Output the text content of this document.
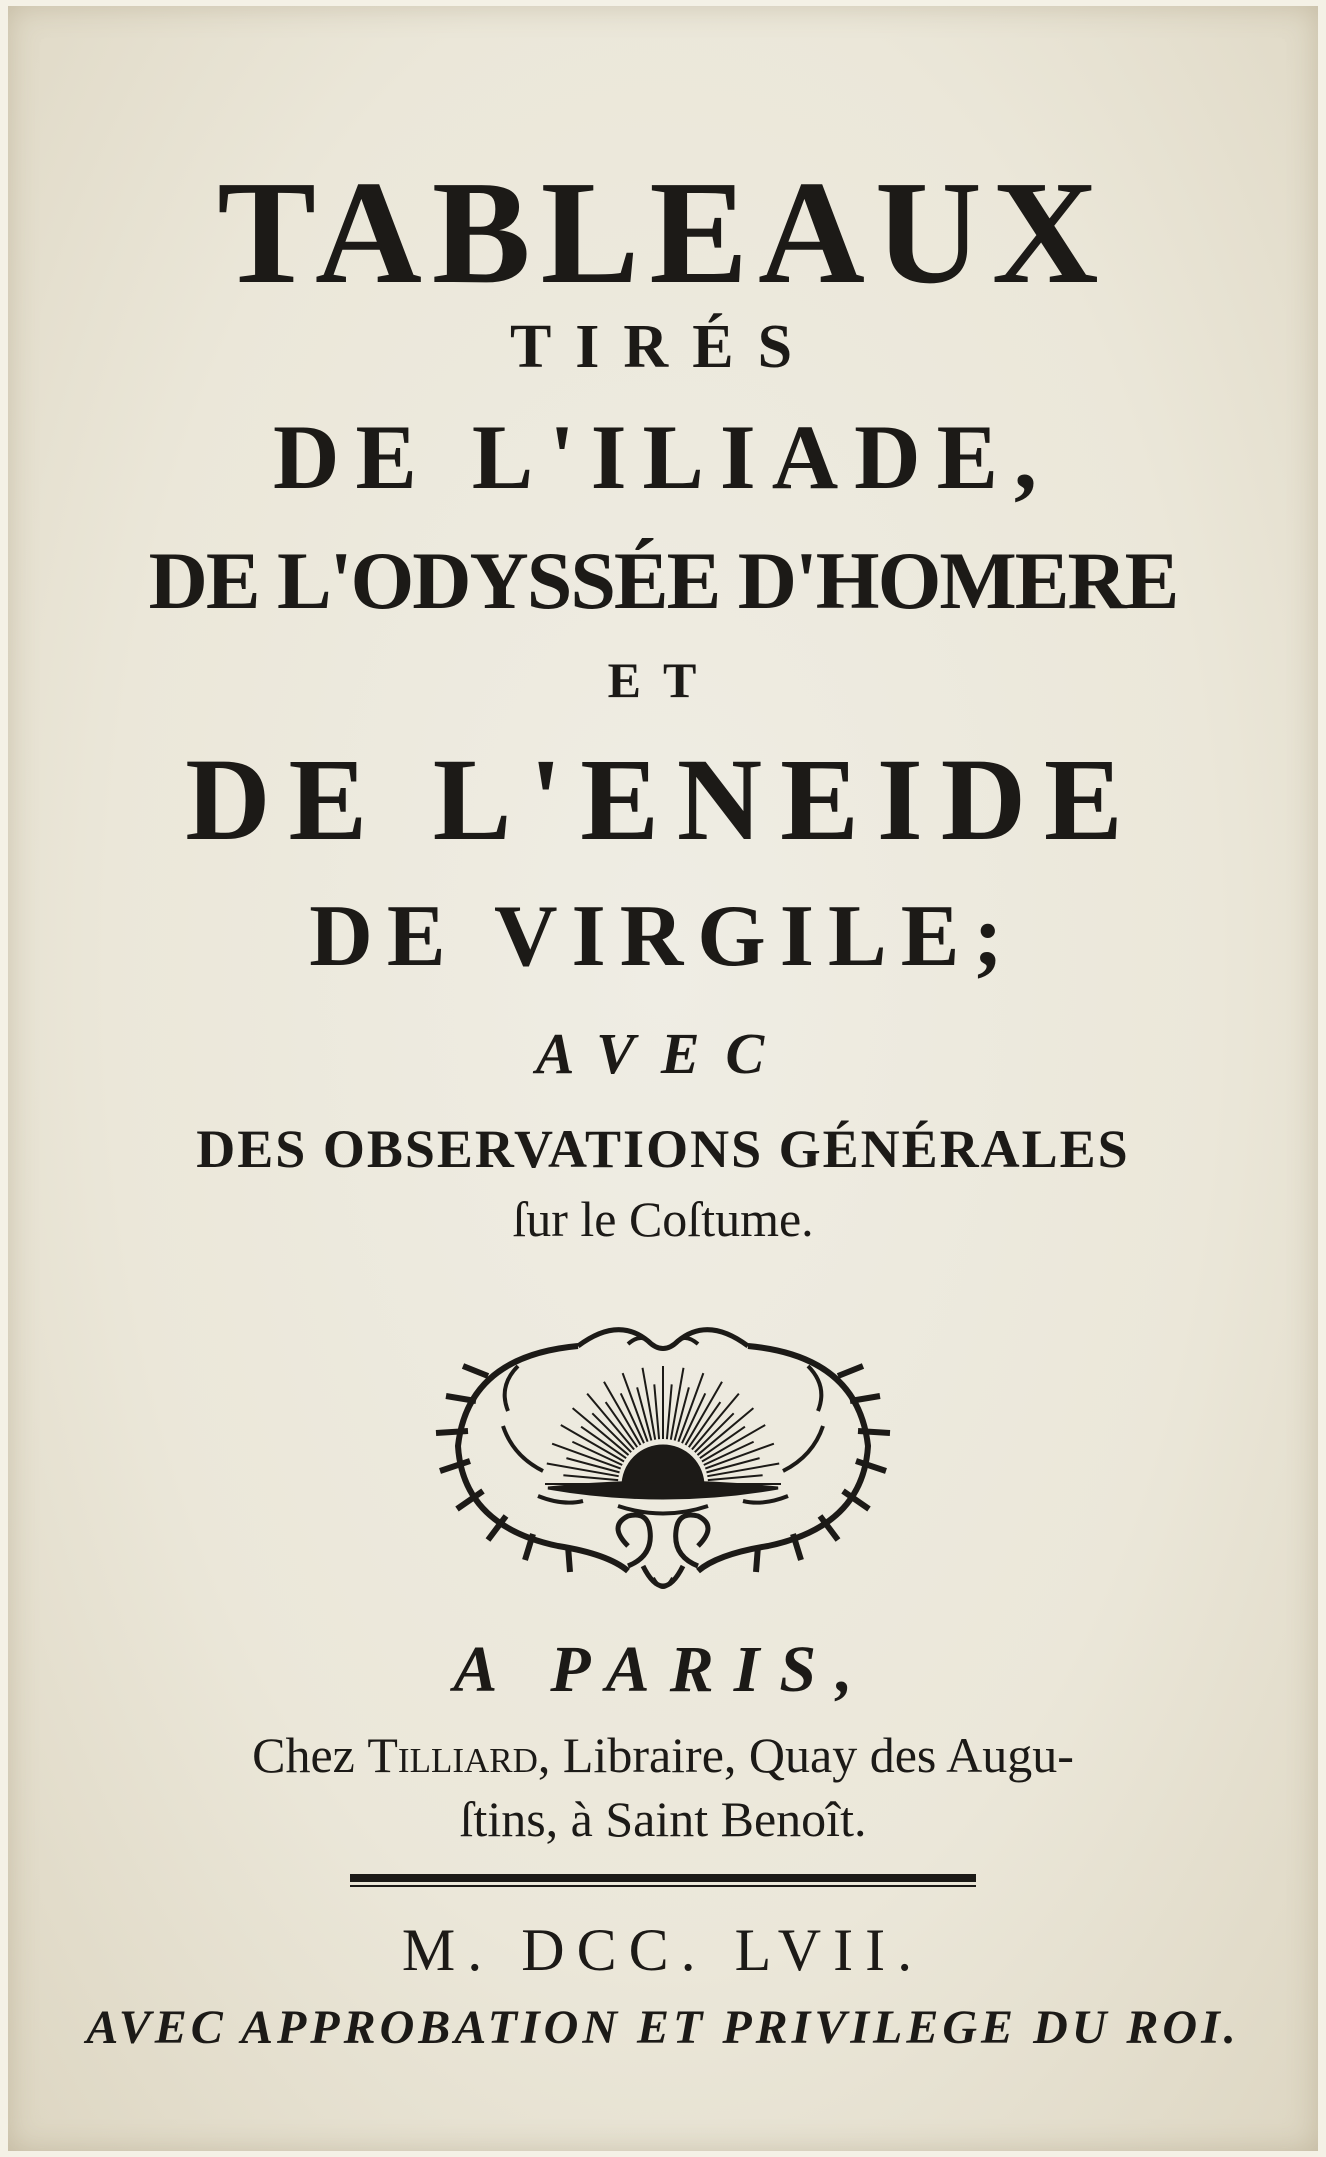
TABLEAUX
TIRÉS
DE L'ILIADE,
DE L'ODYSSÉE D'HOMERE
ET
DE L'ENEIDE
DE VIRGILE;
AVEC
DES OBSERVATIONS GÉNÉRALES
ſur le Coſtume.
A PARIS,
Chez Tilliard, Libraire, Quay des Augu-
ſtins, à Saint Benoît.
M. DCC. LVII.
AVEC APPROBATION ET PRIVILEGE DU ROI.
